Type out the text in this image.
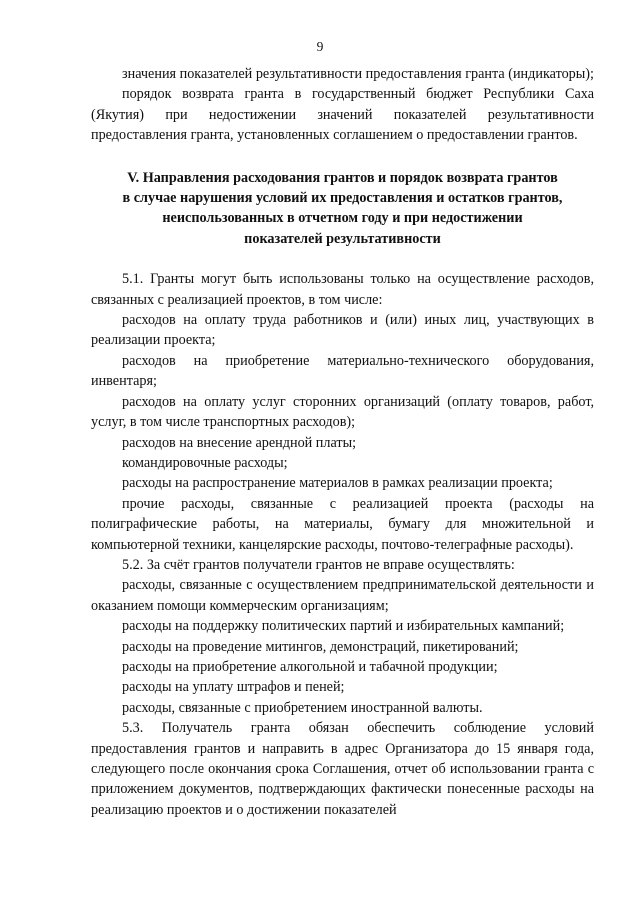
9

значения показателей результативности предоставления гранта (индикаторы);

порядок возврата гранта в государственный бюджет Республики Саха (Якутия) при недостижении значений показателей результативности предоставления гранта, установленных соглашением о предоставлении грантов.

V. Направления расходования грантов и порядок возврата грантов
в случае нарушения условий их предоставления и остатков грантов,
неиспользованных в отчетном году и при недостижении
показателей результативности

5.1. Гранты могут быть использованы только на осуществление расходов, связанных с реализацией проектов, в том числе:

расходов на оплату труда работников и (или) иных лиц, участвующих в реализации проекта;

расходов на приобретение материально-технического оборудования, инвентаря;

расходов на оплату услуг сторонних организаций (оплату товаров, работ, услуг, в том числе транспортных расходов);

расходов на внесение арендной платы;

командировочные расходы;

расходы на распространение материалов в рамках реализации проекта;

прочие расходы, связанные с реализацией проекта (расходы на полиграфические работы, на материалы, бумагу для множительной и компьютерной техники, канцелярские расходы, почтово-телеграфные расходы).

5.2. За счёт грантов получатели грантов не вправе осуществлять:

расходы, связанные с осуществлением предпринимательской деятельности и оказанием помощи коммерческим организациям;

расходы на поддержку политических партий и избирательных кампаний;

расходы на проведение митингов, демонстраций, пикетирований;

расходы на приобретение алкогольной и табачной продукции;

расходы на уплату штрафов и пеней;

расходы, связанные с приобретением иностранной валюты.

5.3. Получатель гранта обязан обеспечить соблюдение условий предоставления грантов и направить в адрес Организатора до 15 января года, следующего после окончания срока Соглашения, отчет об использовании гранта с приложением документов, подтверждающих фактически понесенные расходы на реализацию проектов и о достижении показателей
